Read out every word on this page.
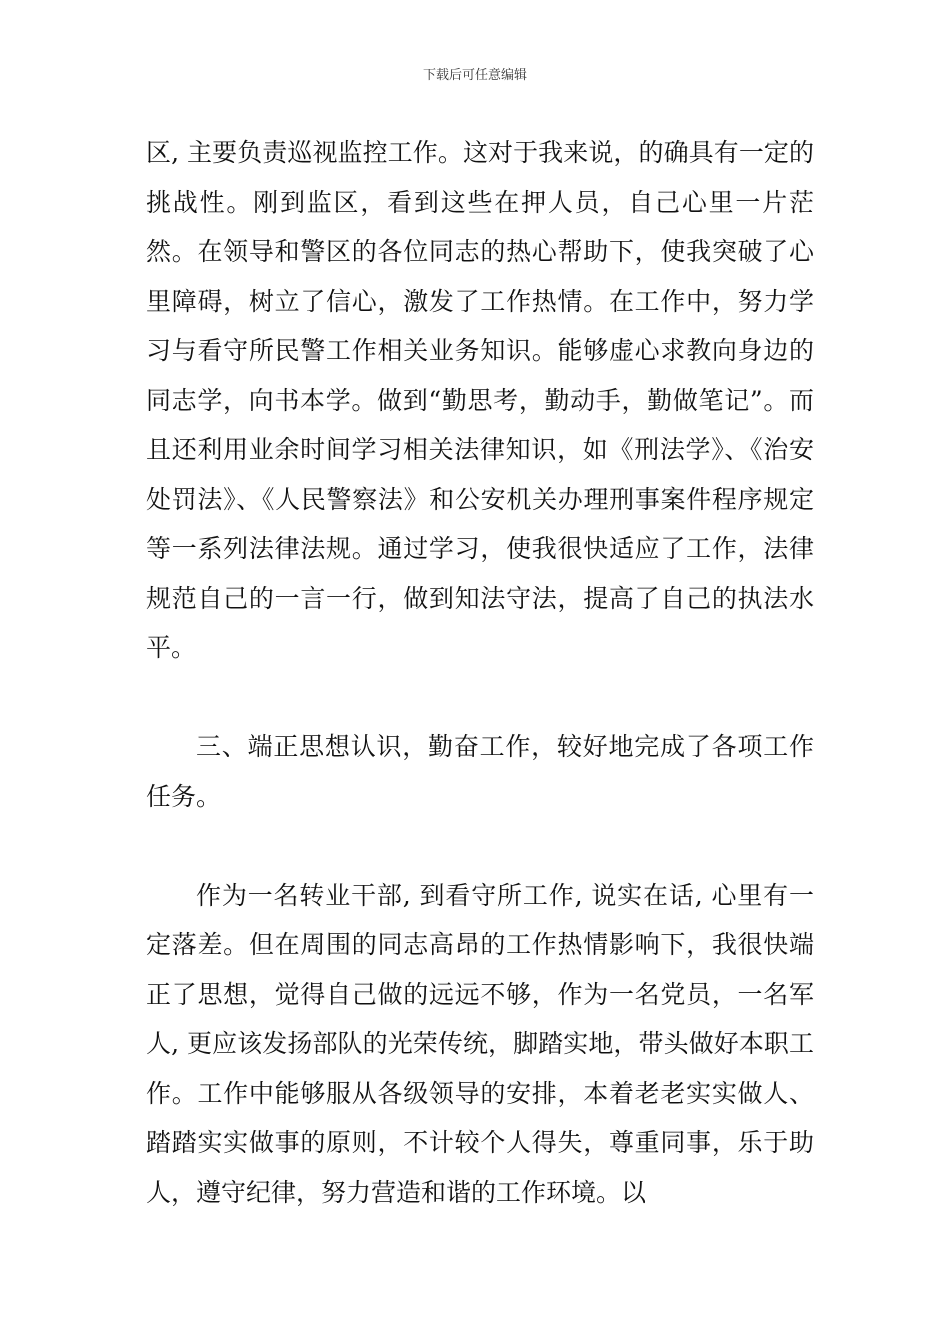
下载后可任意编辑

区, 主要负责巡视监控工作。这对于我来说，的确具有一定的挑战性。刚到监区，看到这些在押人员，自己心里一片茫然。在领导和警区的各位同志的热心帮助下，使我突破了心里障碍，树立了信心，激发了工作热情。在工作中，努力学习与看守所民警工作相关业务知识。能够虚心求教向身边的同志学，向书本学。做到“勤思考，勤动手，勤做笔记”。而且还利用业余时间学习相关法律知识，如《刑法学》、《治安处罚法》、《人民警察法》和公安机关办理刑事案件程序规定等一系列法律法规。通过学习，使我很快适应了工作，法律规范自己的一言一行，做到知法守法，提高了自己的执法水平。

三、端正思想认识，勤奋工作，较好地完成了各项工作任务。

作为一名转业干部, 到看守所工作, 说实在话, 心里有一定落差。但在周围的同志高昂的工作热情影响下，我很快端正了思想，觉得自己做的远远不够，作为一名党员，一名军人, 更应该发扬部队的光荣传统，脚踏实地，带头做好本职工作。工作中能够服从各级领导的安排，本着老老实实做人、踏踏实实做事的原则，不计较个人得失，尊重同事，乐于助人，遵守纪律，努力营造和谐的工作环境。以
